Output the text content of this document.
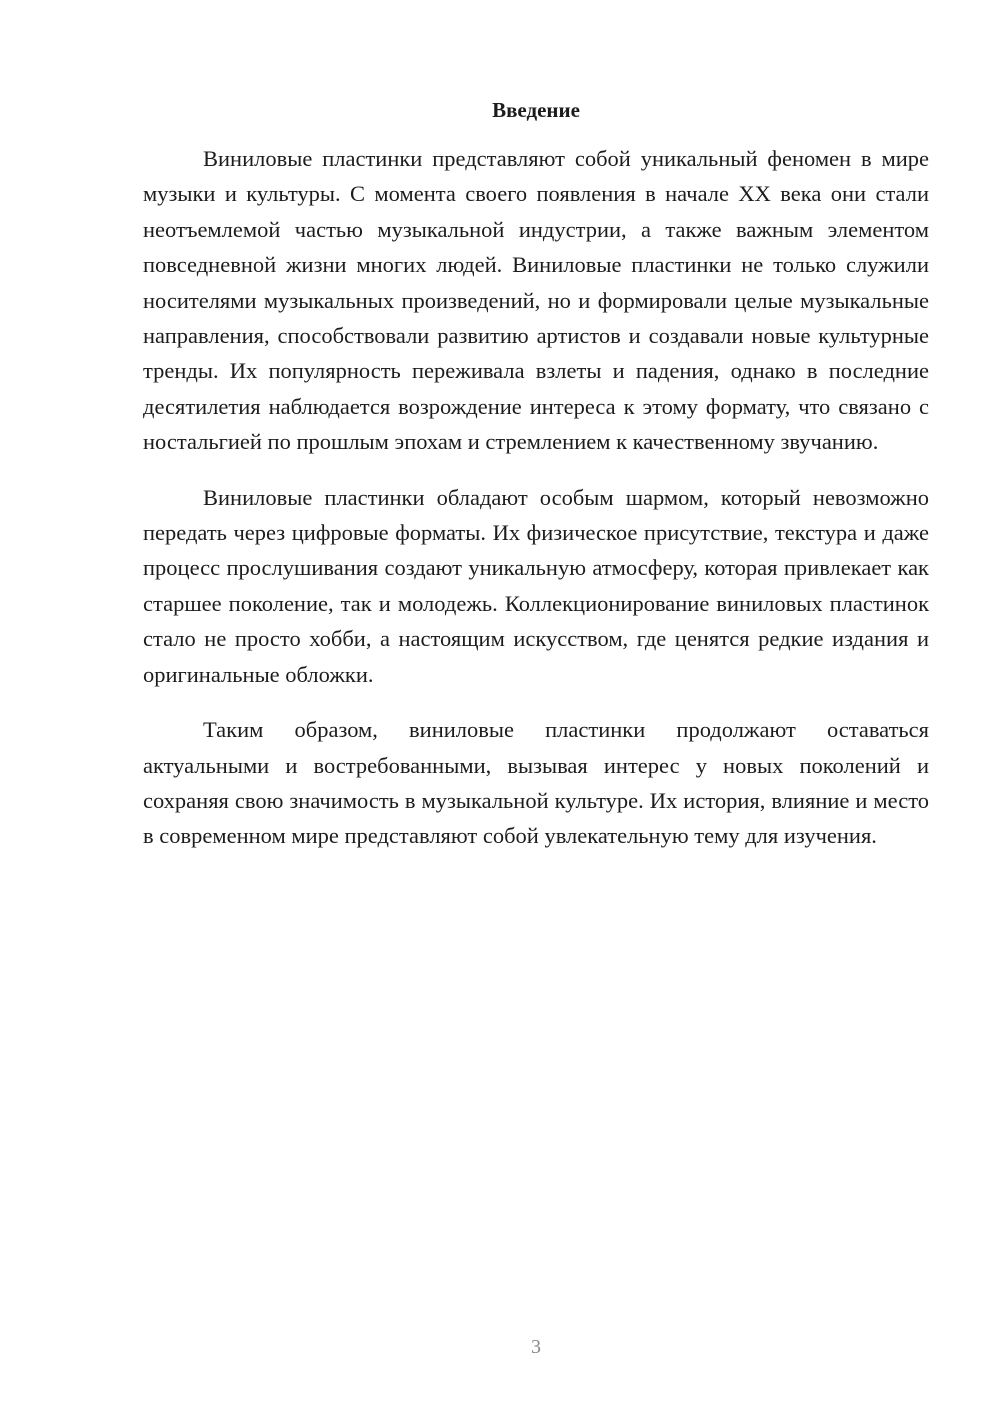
Введение

Виниловые пластинки представляют собой уникальный феномен в мире музыки и культуры. С момента своего появления в начале XX века они стали неотъемлемой частью музыкальной индустрии, а также важным элементом повседневной жизни многих людей. Виниловые пластинки не только служили носителями музыкальных произведений, но и формировали целые музыкальные направления, способствовали развитию артистов и создавали новые культурные тренды. Их популярность переживала взлеты и падения, однако в последние десятилетия наблюдается возрождение интереса к этому формату, что связано с ностальгией по прошлым эпохам и стремлением к качественному звучанию.

Виниловые пластинки обладают особым шармом, который невозможно передать через цифровые форматы. Их физическое присутствие, текстура и даже процесс прослушивания создают уникальную атмосферу, которая привлекает как старшее поколение, так и молодежь. Коллекционирование виниловых пластинок стало не просто хобби, а настоящим искусством, где ценятся редкие издания и оригинальные обложки.

Таким образом, виниловые пластинки продолжают оставаться актуальными и востребованными, вызывая интерес у новых поколений и сохраняя свою значимость в музыкальной культуре. Их история, влияние и место в современном мире представляют собой увлекательную тему для изучения.

3
